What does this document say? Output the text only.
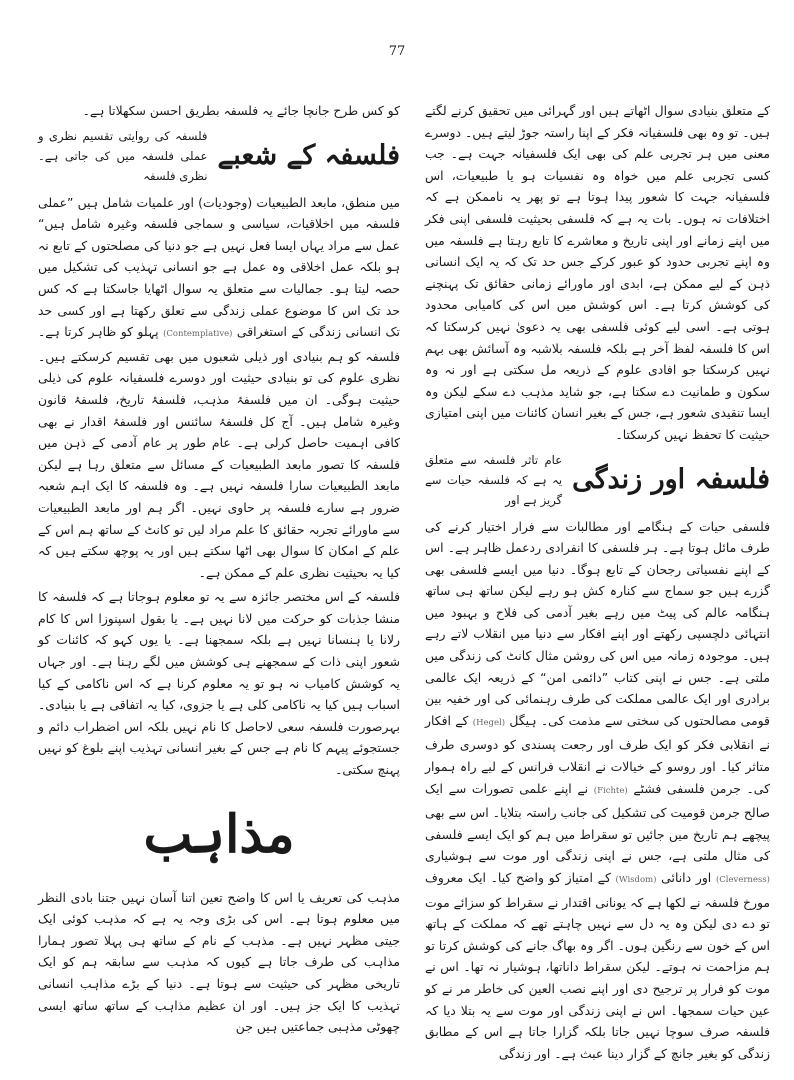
77

کے متعلق بنیادی سوال اٹھاتے ہیں اور گہرائی میں تحقیق کرنے لگتے ہیں۔ تو وہ بھی فلسفیانہ فکر کے اپنا راستہ جوڑ لیتے ہیں۔ دوسرے معنی میں ہر تجربی علم کی بھی ایک فلسفیانہ جہت ہے۔ جب کسی تجربی علم میں خواہ وہ نفسیات ہو یا طبیعیات، اس فلسفیانہ جہت کا شعور پیدا ہوتا ہے تو پھر یہ ناممکن ہے کہ اختلافات نہ ہوں۔ بات یہ ہے کہ فلسفی بحیثیت فلسفی اپنی فکر میں اپنے زمانے اور اپنی تاریخ و معاشرے کا تابع رہتا ہے فلسفہ میں وہ اپنے تجربی حدود کو عبور کرکے جس حد تک کہ یہ ایک انسانی ذہن کے لیے ممکن ہے، ابدی اور ماورائے زمانی حقائق تک پہنچنے کی کوشش کرتا ہے۔ اس کوشش میں اس کی کامیابی محدود ہوتی ہے۔ اسی لیے کوئی فلسفی بھی یہ دعویٰ نہیں کرسکتا کہ اس کا فلسفہ لفظ آخر ہے بلکہ فلسفہ بلاشبہ وہ آسائش بھی بہم نہیں کرسکتا جو افادی علوم کے ذریعہ مل سکتی ہے اور نہ وہ سکون و طمانیت دے سکتا ہے، جو شاید مذہب دے سکے لیکن وہ ایسا تنقیدی شعور ہے، جس کے بغیر انسان کائنات میں اپنی امتیازی حیثیت کا تحفظ نہیں کرسکتا۔

فلسفہ اور زندگی
عام تاثر فلسفہ سے متعلق یہ ہے کہ فلسفہ حیات سے گریز ہے اور

فلسفی حیات کے ہنگامے اور مطالبات سے فرار اختیار کرنے کی طرف مائل ہوتا ہے۔ ہر فلسفی کا انفرادی ردعمل ظاہر ہے۔ اس کے اپنے نفسیاتی رجحان کے تابع ہوگا۔ دنیا میں ایسے فلسفی بھی گزرے ہیں جو سماج سے کنارہ کش ہو رہے لیکن ساتھ ہی ساتھ ہنگامہ عالم کی پیٹ میں رہے بغیر آدمی کی فلاح و بہبود میں انتہائی دلچسپی رکھتے اور اپنے افکار سے دنیا میں انقلاب لاتے رہے ہیں۔ موجودہ زمانہ میں اس کی روشن مثال کانٹ کی زندگی میں ملتی ہے۔ جس نے اپنی کتاب ”دائمی امن“ کے ذریعہ ایک عالمی برادری اور ایک عالمی مملکت کی طرف رہنمائی کی اور خفیہ بین قومی مصالحتوں کی سختی سے مذمت کی۔ ہیگل (Hegel) کے افکار نے انقلابی فکر کو ایک طرف اور رجعت پسندی کو دوسری طرف متاثر کیا۔ اور روسو کے خیالات نے انقلاب فرانس کے لیے راہ ہموار کی۔ جرمن فلسفی فشٹے (Fichte) نے اپنے علمی تصورات سے ایک صالح جرمن قومیت کی تشکیل کی جانب راستہ بتلایا۔ اس سے بھی پیچھے ہم تاریخ میں جائیں تو سقراط میں ہم کو ایک ایسے فلسفی کی مثال ملتی ہے، جس نے اپنی زندگی اور موت سے ہوشیاری (Cleverness) اور دانائی (Wisdom) کے امتیاز کو واضح کیا۔ ایک معروف مورخ فلسفہ نے لکھا ہے کہ یونانی اقتدار نے سقراط کو سزائے موت تو دے دی لیکن وہ یہ دل سے نہیں چاہتے تھے کہ مملکت کے ہاتھ اس کے خون سے رنگین ہوں۔ اگر وہ بھاگ جانے کی کوشش کرتا تو ہم مزاحمت نہ ہوتے۔ لیکن سقراط داناتھا، ہوشیار نہ تھا۔ اس نے موت کو فرار پر ترجیح دی اور اپنے نصب العین کی خاطر مر نے کو عین حیات سمجھا۔ اس نے اپنی زندگی اور موت سے یہ بتلا دیا کہ فلسفہ صرف سوچا نہیں جاتا بلکہ گزارا جاتا ہے اس کے مطابق زندگی کو بغیر جانچ کے گزار دینا عبث ہے۔ اور زندگی

کو کس طرح جانچا جائے یہ فلسفہ بطریق احسن سکھلاتا ہے۔

فلسفہ کے شعبے
فلسفہ کی روایتی تقسیم نظری و عملی فلسفہ میں کی جاتی ہے۔ نظری فلسفہ

میں منطق، مابعد الطبیعیات (وجودیات) اور علمیات شامل ہیں ”عملی فلسفہ میں اخلاقیات، سیاسی و سماجی فلسفہ وغیرہ شامل ہیں“ عمل سے مراد یہاں ایسا فعل نہیں ہے جو دنیا کی مصلحتوں کے تابع نہ ہو بلکہ عمل اخلاقی وہ عمل ہے جو انسانی تہذیب کی تشکیل میں حصہ لیتا ہو۔ جمالیات سے متعلق یہ سوال اٹھایا جاسکتا ہے کہ کس حد تک اس کا موضوع عملی زندگی سے تعلق رکھتا ہے اور کسی حد تک انسانی زندگی کے استغراقی (Contemplative) پہلو کو ظاہر کرتا ہے۔ فلسفہ کو ہم بنیادی اور ذیلی شعبوں میں بھی تقسیم کرسکتے ہیں۔ نظری علوم کی تو بنیادی حیثیت اور دوسرے فلسفیانہ علوم کی ذیلی حیثیت ہوگی۔ ان میں فلسفۂ مذہب، فلسفۂ تاریخ، فلسفۂ قانون وغیرہ شامل ہیں۔ آج کل فلسفۂ سائنس اور فلسفۂ اقدار نے بھی کافی اہمیت حاصل کرلی ہے۔ عام طور پر عام آدمی کے ذہن میں فلسفہ کا تصور مابعد الطبیعیات کے مسائل سے متعلق رہا ہے لیکن مابعد الطبیعیات سارا فلسفہ نہیں ہے۔ وہ فلسفہ کا ایک اہم شعبہ ضرور ہے سارے فلسفہ پر حاوی نہیں۔ اگر ہم اور مابعد الطبیعیات سے ماورائے تجربہ حقائق کا علم مراد لیں تو کانٹ کے ساتھ ہم اس کے علم کے امکان کا سوال بھی اٹھا سکتے ہیں اور یہ پوچھ سکتے ہیں کہ کیا یہ بحیثیت نظری علم کے ممکن ہے۔

فلسفہ کے اس مختصر جائزہ سے یہ تو معلوم ہوجاتا ہے کہ فلسفہ کا منشا جذبات کو حرکت میں لانا نہیں ہے۔ یا بقول اسپنوزا اس کا کام رلانا یا ہنسانا نہیں ہے بلکہ سمجھنا ہے۔ یا یوں کہو کہ کائنات کو شعور اپنی ذات کے سمجھنے ہی کوشش میں لگے رہنا ہے۔ اور جہاں یہ کوشش کامیاب نہ ہو تو یہ معلوم کرنا ہے کہ اس ناکامی کے کیا اسباب ہیں کیا یہ ناکامی کلی ہے یا جزوی، کیا یہ اتفاقی ہے یا بنیادی۔ بہرصورت فلسفہ سعی لاحاصل کا نام نہیں بلکہ اس اضطراب دائم و جستجوئے پیہم کا نام ہے جس کے بغیر انسانی تہذیب اپنے بلوغ کو نہیں پہنچ سکتی۔

مذاہب

مذہب کی تعریف یا اس کا واضح تعین اتنا آسان نہیں جتنا بادی النظر میں معلوم ہوتا ہے۔ اس کی بڑی وجہ یہ ہے کہ مذہب کوئی ایک جیتی مظہر نہیں ہے۔ مذہب کے نام کے ساتھ ہی پہلا تصور ہمارا مذاہب کی طرف جاتا ہے کیوں کہ مذہب سے سابقہ ہم کو ایک تاریخی مظہر کی حیثیت سے ہوتا ہے۔ دنیا کے بڑے مذاہب انسانی تہذیب کا ایک جز ہیں۔ اور ان عظیم مذاہب کے ساتھ ساتھ ایسی چھوٹی مذہبی جماعتیں ہیں جن
